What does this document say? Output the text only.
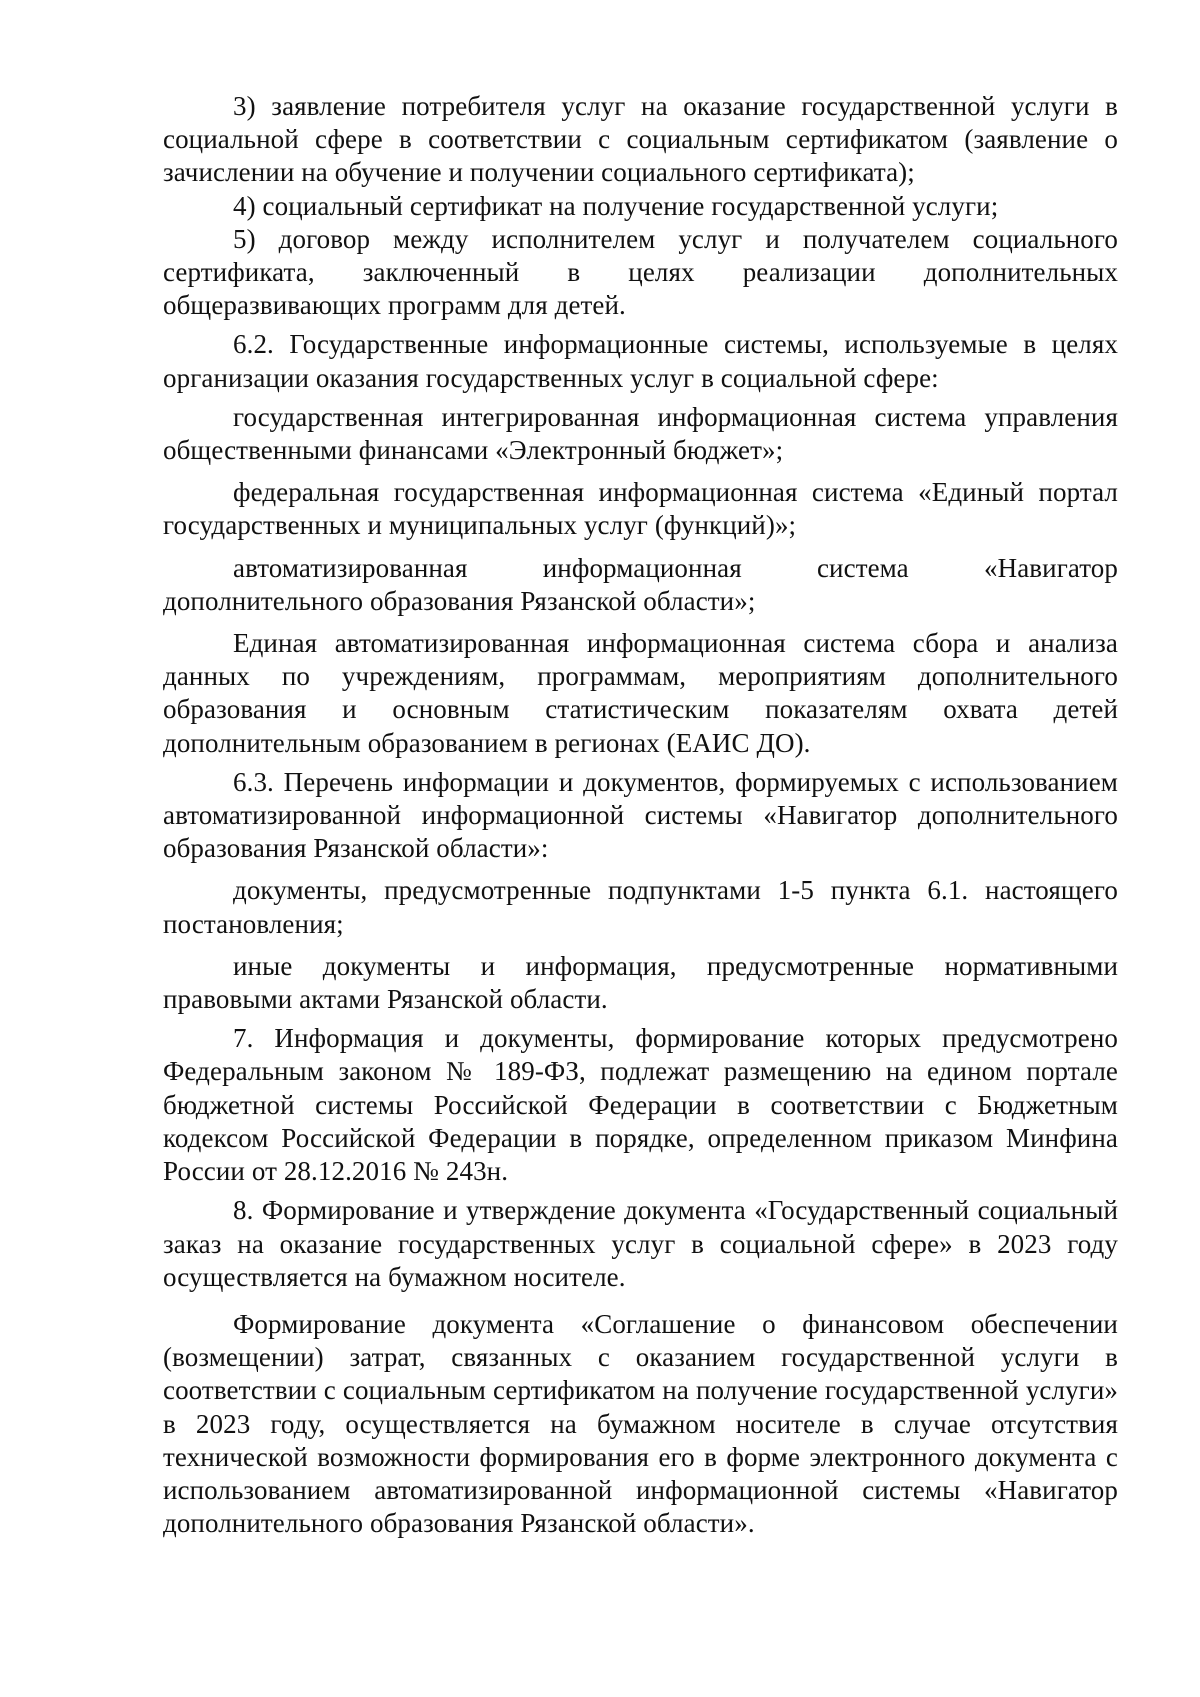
3) заявление потребителя услуг на оказание государственной услуги в социальной сфере в соответствии с социальным сертификатом (заявление о зачислении на обучение и получении социального сертификата);

4) социальный сертификат на получение государственной услуги;

5) договор между исполнителем услуг и получателем социального сертификата, заключенный в целях реализации дополнительных общеразвивающих программ для детей.

6.2. Государственные информационные системы, используемые в целях организации оказания государственных услуг в социальной сфере:

государственная интегрированная информационная система управления общественными финансами «Электронный бюджет»;

федеральная государственная информационная система «Единый портал государственных и муниципальных услуг (функций)»;

автоматизированная информационная система «Навигатор дополнительного образования Рязанской области»;

Единая автоматизированная информационная система сбора и анализа данных по учреждениям, программам, мероприятиям дополнительного образования и основным статистическим показателям охвата детей дополнительным образованием в регионах (ЕАИС ДО).

6.3. Перечень информации и документов, формируемых с использованием автоматизированной информационной системы «Навигатор дополнительного образования Рязанской области»:

документы, предусмотренные подпунктами 1-5 пункта 6.1. настоящего постановления;

иные документы и информация, предусмотренные нормативными правовыми актами Рязанской области.

7. Информация и документы, формирование которых предусмотрено Федеральным законом № 189-ФЗ, подлежат размещению на едином портале бюджетной системы Российской Федерации в соответствии с Бюджетным кодексом Российской Федерации в порядке, определенном приказом Минфина России от 28.12.2016 № 243н.

8. Формирование и утверждение документа «Государственный социальный заказ на оказание государственных услуг в социальной сфере» в 2023 году осуществляется на бумажном носителе.

Формирование документа «Соглашение о финансовом обеспечении (возмещении) затрат, связанных с оказанием государственной услуги в соответствии с социальным сертификатом на получение государственной услуги» в 2023 году, осуществляется на бумажном носителе в случае отсутствия технической возможности формирования его в форме электронного документа с использованием автоматизированной информационной системы «Навигатор дополнительного образования Рязанской области».
